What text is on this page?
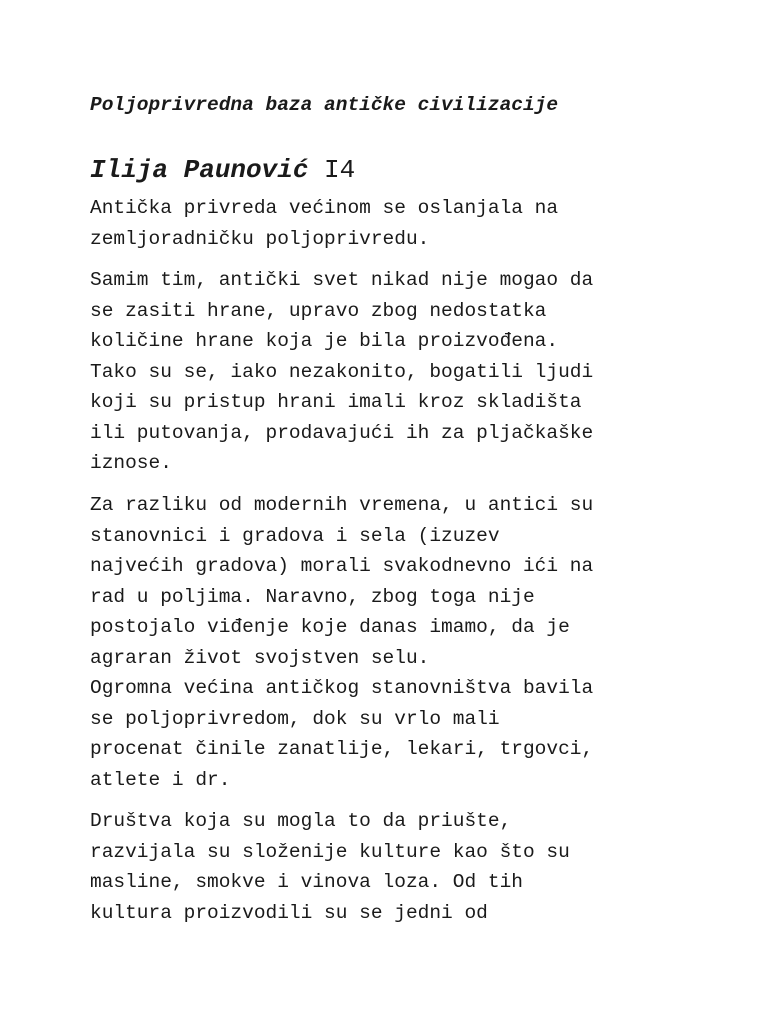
Poljoprivredna baza antičke civilizacije
Ilija Paunović I4

Antička privreda većinom se oslanjala na
zemljoradničku poljoprivredu.

Samim tim, antički svet nikad nije mogao da
se zasiti hrane, upravo zbog nedostatka
količine hrane koja je bila proizvođena.
Tako su se, iako nezakonito, bogatili ljudi
koji su pristup hrani imali kroz skladišta
ili putovanja, prodavajući ih za pljačkaške
iznose.

Za razliku od modernih vremena, u antici su
stanovnici i gradova i sela (izuzev
najvećih gradova) morali svakodnevno ići na
rad u poljima. Naravno, zbog toga nije
postojalo viđenje koje danas imamo, da je
agraran život svojstven selu.
Ogromna većina antičkog stanovništva bavila
se poljoprivredom, dok su vrlo mali
procenat činile zanatlije, lekari, trgovci,
atlete i dr.

Društva koja su mogla to da priušte,
razvijala su složenije kulture kao što su
masline, smokve i vinova loza. Od tih
kultura proizvodili su se jedni od
